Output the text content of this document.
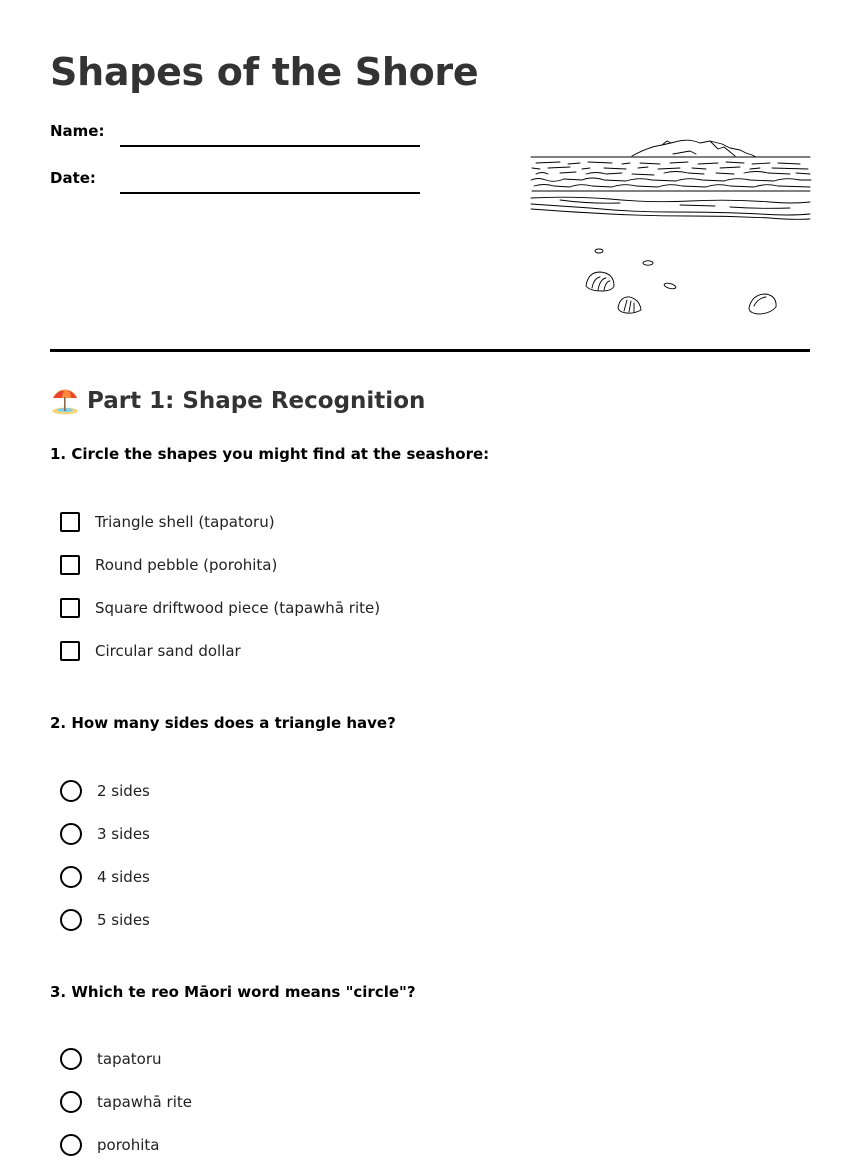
Shapes of the Shore
Name:
Date:
Part 1: Shape Recognition
1. Circle the shapes you might find at the seashore:
Triangle shell (tapatoru)
Round pebble (porohita)
Square driftwood piece (tapawhā rite)
Circular sand dollar
2. How many sides does a triangle have?
2 sides
3 sides
4 sides
5 sides
3. Which te reo Māori word means "circle"?
tapatoru
tapawhā rite
porohita
